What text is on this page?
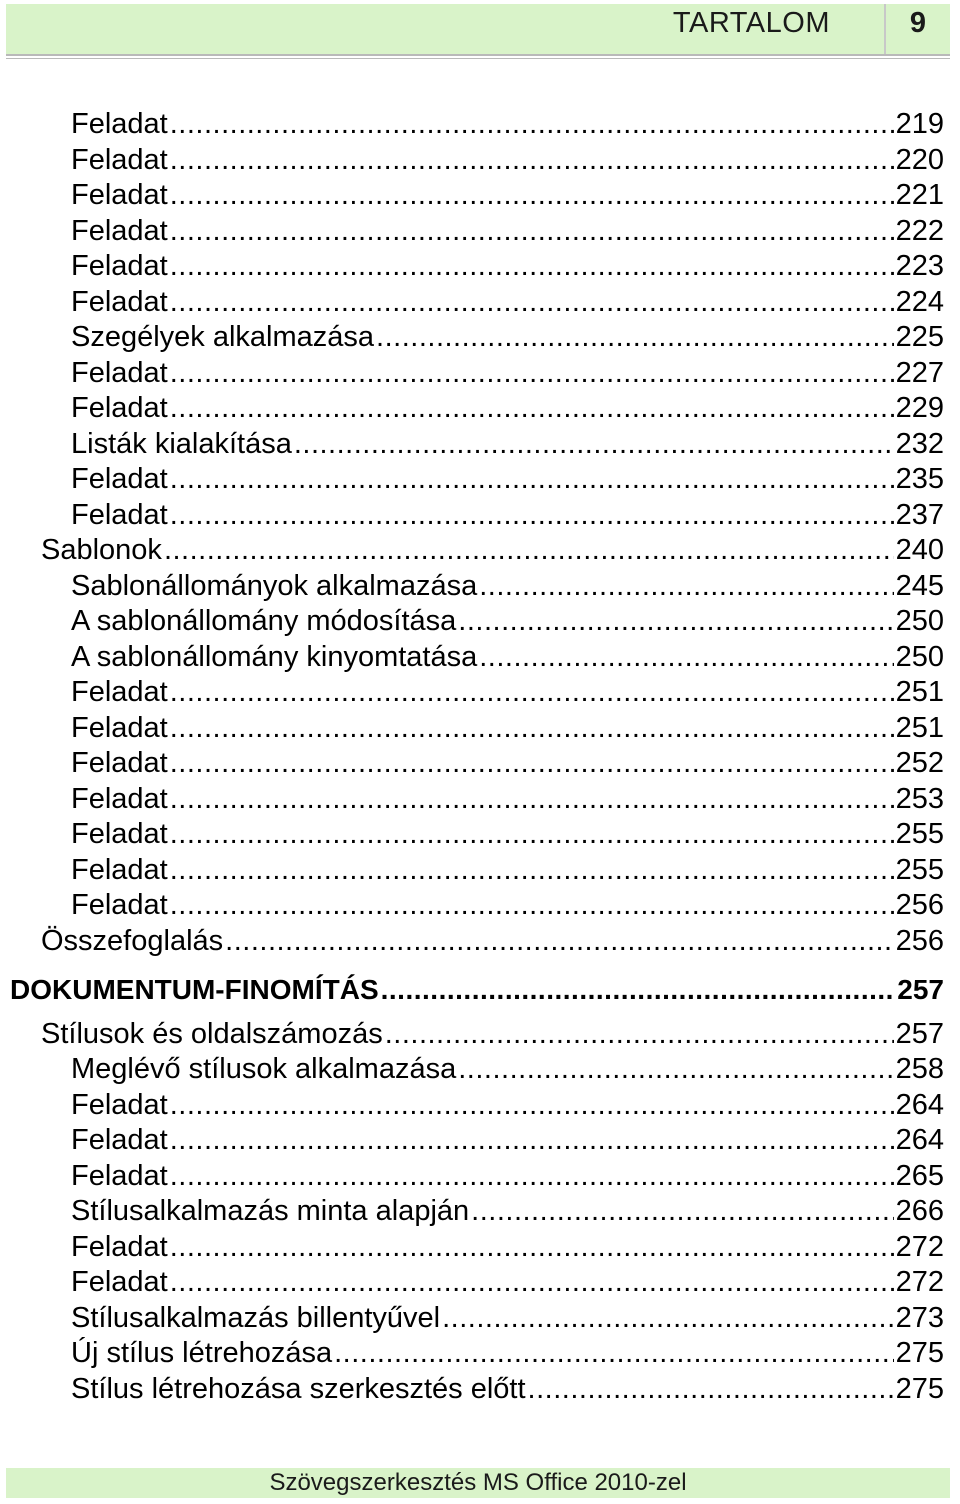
TARTALOM	9
Feladat .....	219
Feladat .....	220
Feladat .....	221
Feladat .....	222
Feladat .....	223
Feladat .....	224
Szegélyek alkalmazása .....	225
Feladat .....	227
Feladat .....	229
Listák kialakítása .....	232
Feladat .....	235
Feladat .....	237
Sablonok .....	240
Sablonállományok alkalmazása .....	245
A sablonállomány módosítása .....	250
A sablonállomány kinyomtatása .....	250
Feladat .....	251
Feladat .....	251
Feladat .....	252
Feladat .....	253
Feladat .....	255
Feladat .....	255
Feladat .....	256
Összefoglalás .....	256
DOKUMENTUM-FINOMÍTÁS .....	257
Stílusok és oldalszámozás .....	257
Meglévő stílusok alkalmazása .....	258
Feladat .....	264
Feladat .....	264
Feladat .....	265
Stílusalkalmazás minta alapján .....	266
Feladat .....	272
Feladat .....	272
Stílusalkalmazás billentyűvel .....	273
Új stílus létrehozása .....	275
Stílus létrehozása szerkesztés előtt .....	275
Szövegszerkesztés MS Office 2010-zel
